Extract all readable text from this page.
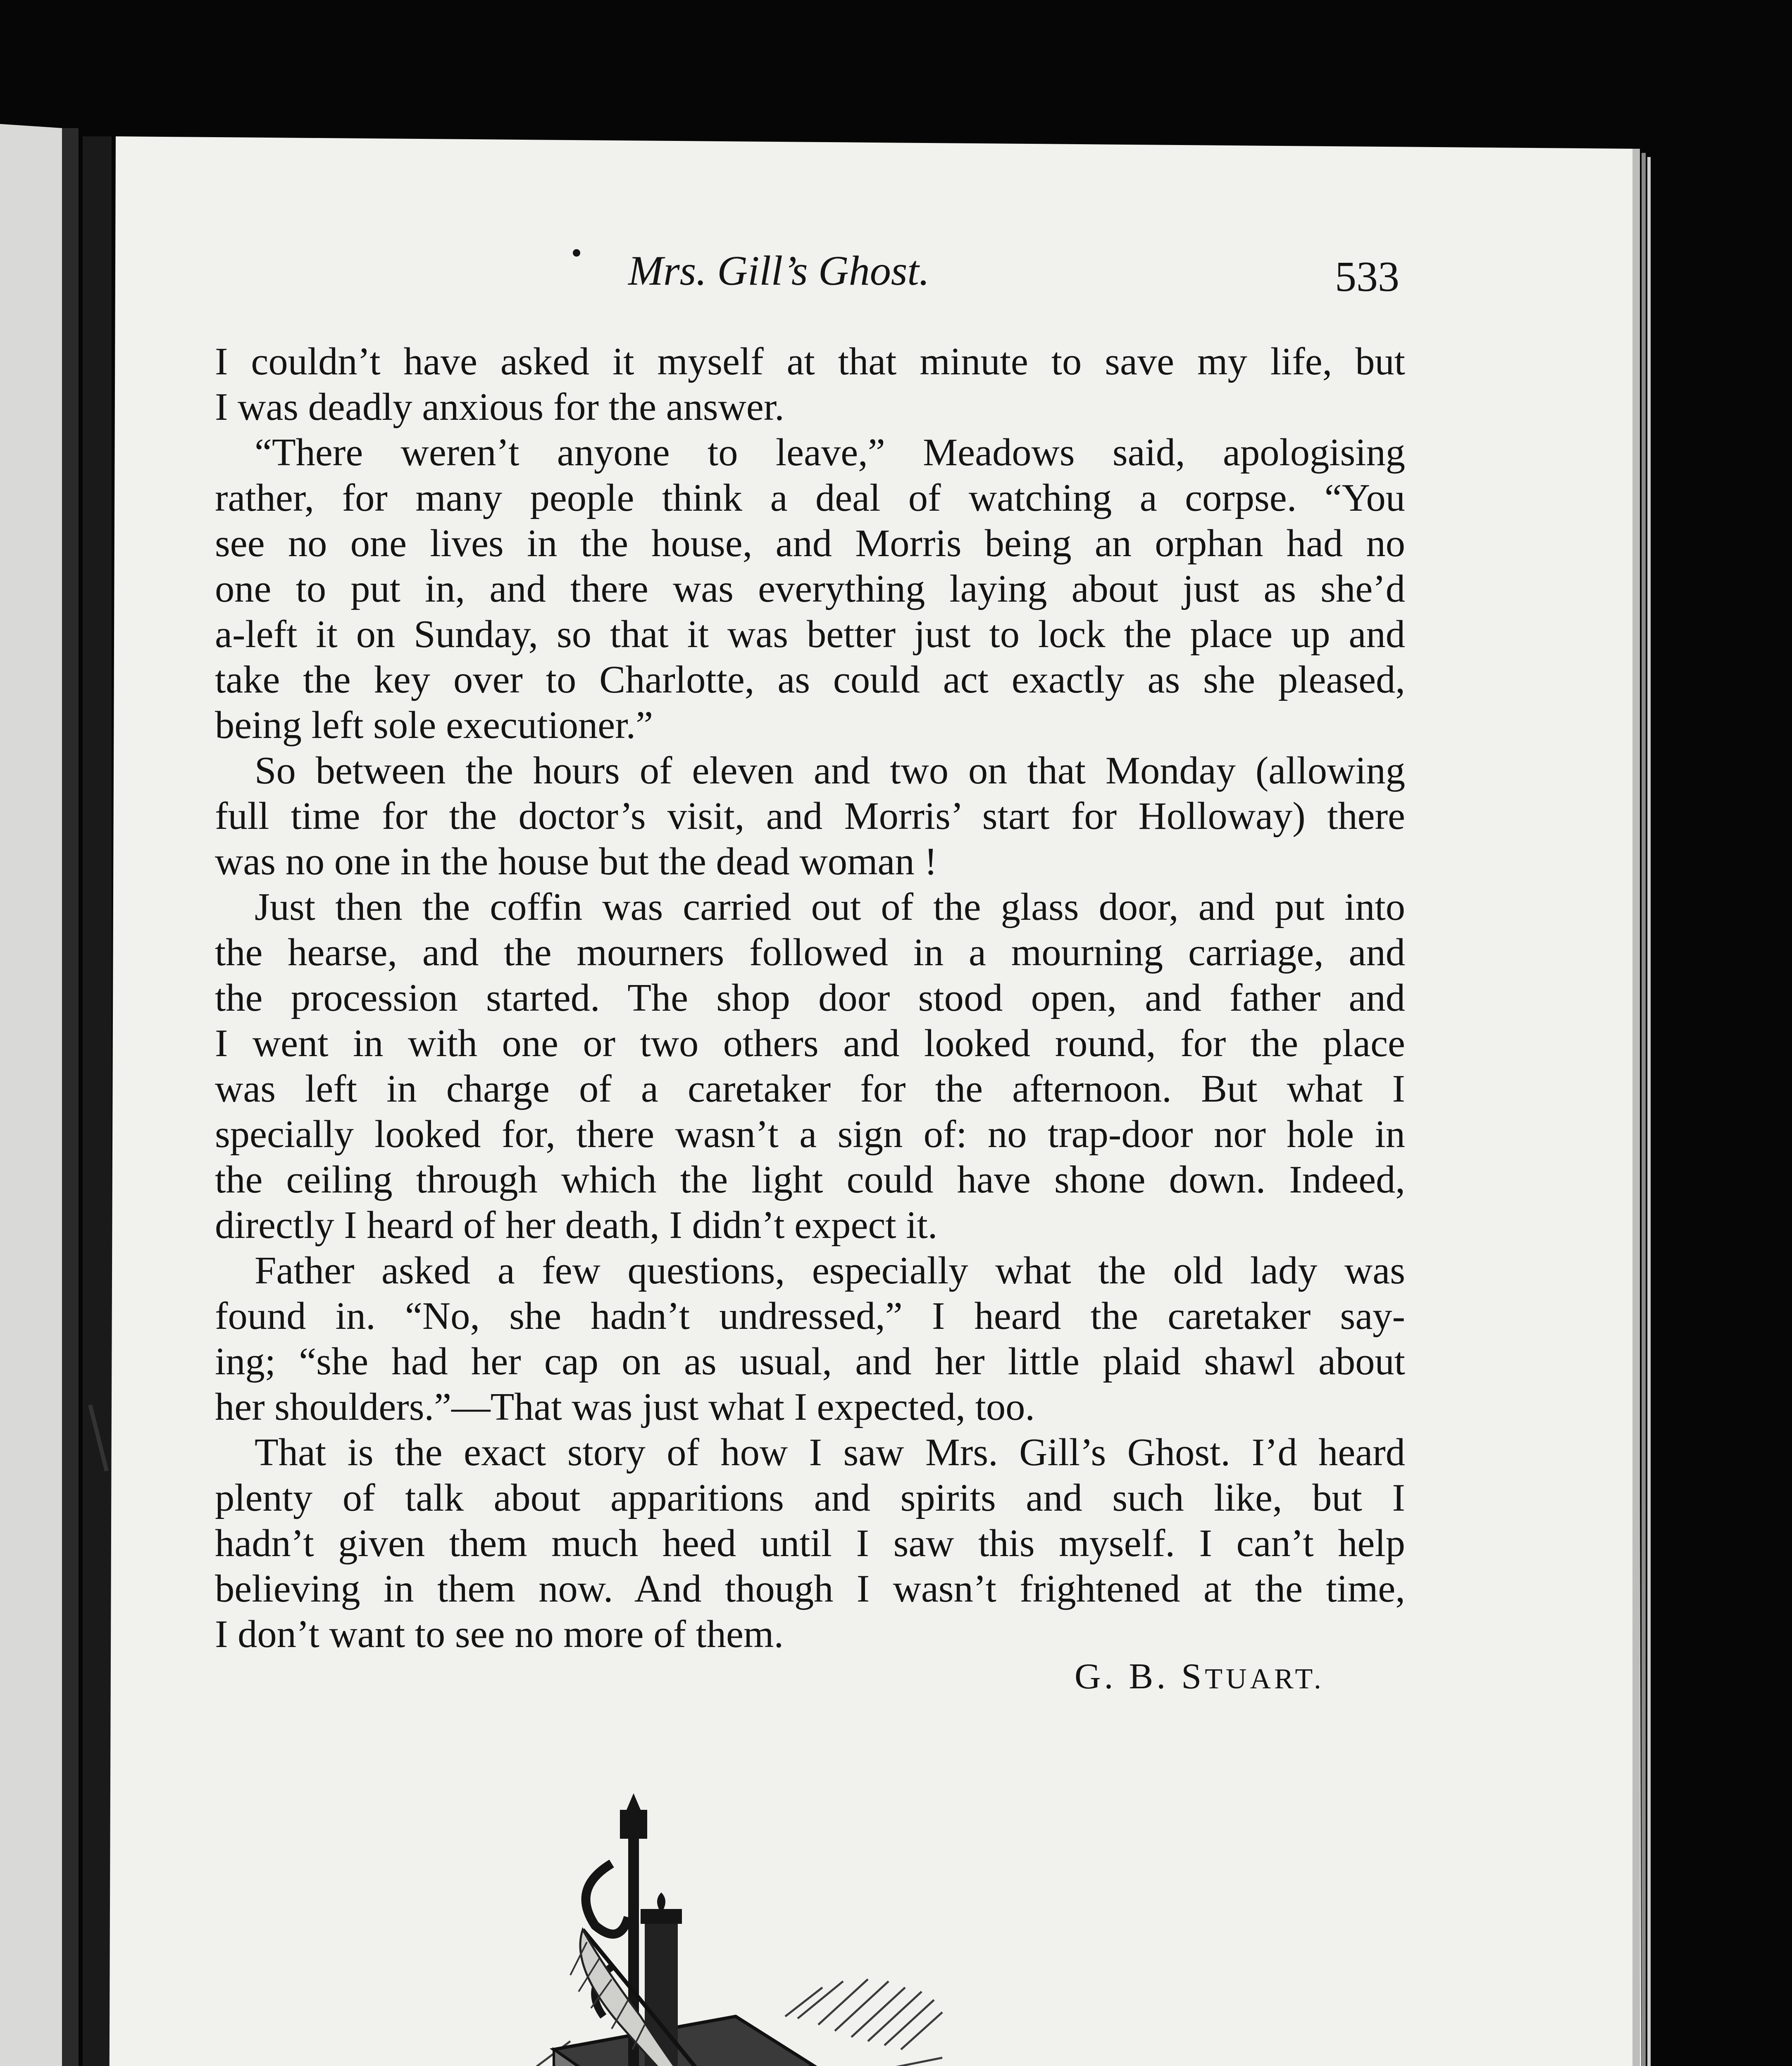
Mrs. Gill’s Ghost.	533
I couldn’t have asked it myself at that minute to save my life, but
I was deadly anxious for the answer.
“There weren’t anyone to leave,” Meadows said, apologising
rather, for many people think a deal of watching a corpse. “You
see no one lives in the house, and Morris being an orphan had no
one to put in, and there was everything laying about just as she’d
a-left it on Sunday, so that it was better just to lock the place up and
take the key over to Charlotte, as could act exactly as she pleased,
being left sole executioner.”
So between the hours of eleven and two on that Monday (allowing
full time for the doctor’s visit, and Morris’ start for Holloway) there
was no one in the house but the dead woman !
Just then the coffin was carried out of the glass door, and put into
the hearse, and the mourners followed in a mourning carriage, and
the procession started. The shop door stood open, and father and
I went in with one or two others and looked round, for the place
was left in charge of a caretaker for the afternoon. But what I
specially looked for, there wasn’t a sign of: no trap-door nor hole in
the ceiling through which the light could have shone down. Indeed,
directly I heard of her death, I didn’t expect it.
Father asked a few questions, especially what the old lady was
found in. “No, she hadn’t undressed,” I heard the caretaker say-
ing; “she had her cap on as usual, and her little plaid shawl about
her shoulders.”—That was just what I expected, too.
That is the exact story of how I saw Mrs. Gill’s Ghost. I’d heard
plenty of talk about apparitions and spirits and such like, but I
hadn’t given them much heed until I saw this myself. I can’t help
believing in them now. And though I wasn’t frightened at the time,
I don’t want to see no more of them.
G. B. STUART.
